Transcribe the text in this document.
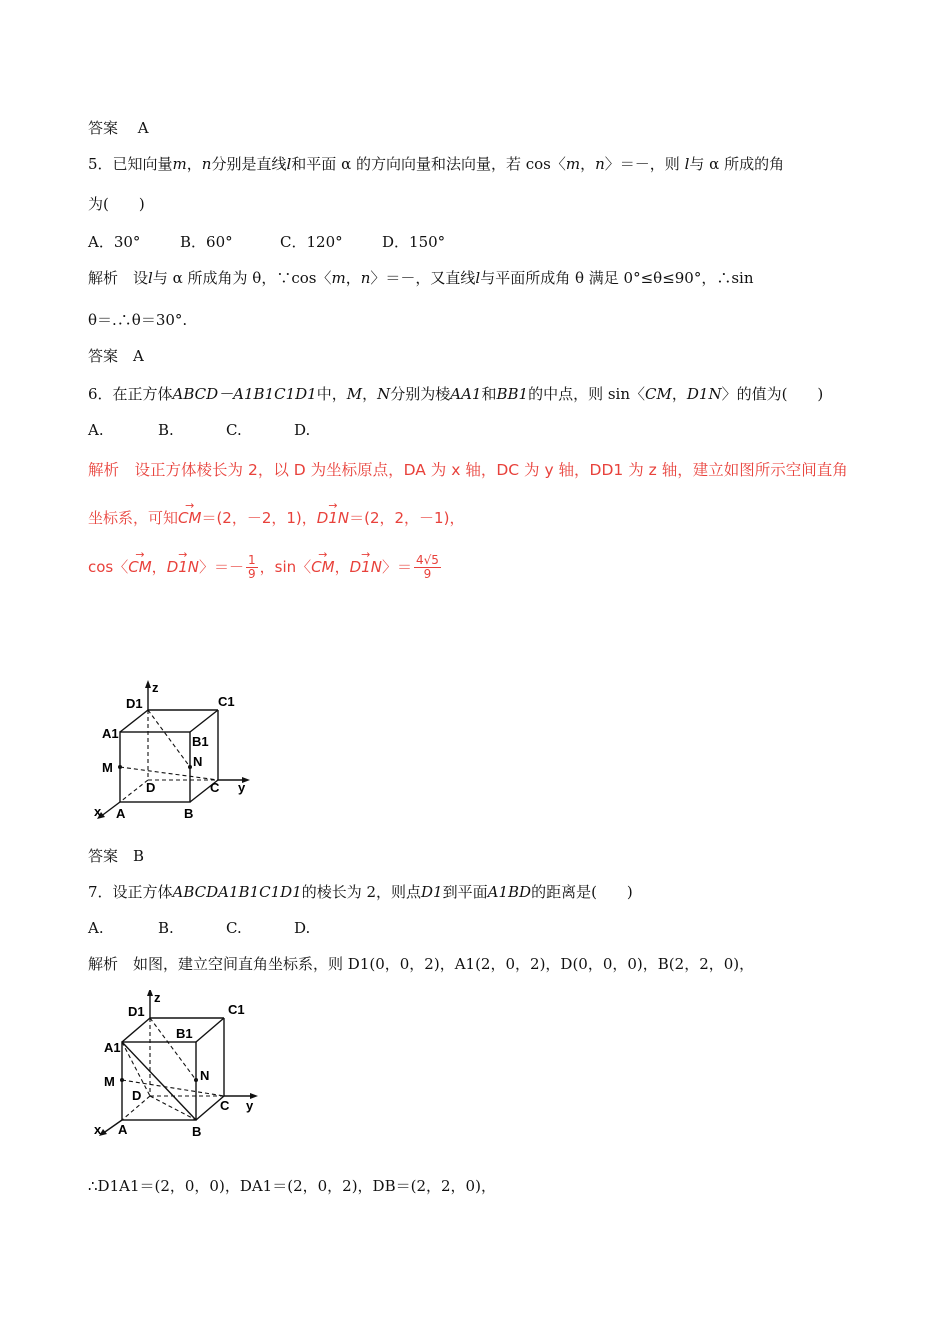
答案　 A
5．已知向量m，n分别是直线l和平面 α 的方向向量和法向量，若 cos〈m，n〉＝－，则 l与 α 所成的角
为(　　)
A．30°	B．60°	C．120°	D．150°
解析　 设l与 α 所成角为 θ，∵cos〈m，n〉＝－，又直线l与平面所成角 θ 满足 0°≤θ≤90°，∴sin
θ＝.∴θ＝30°.
答案　 A
6．在正方体ABCD－A1B1C1D1中，M，N分别为棱AA1和BB1的中点，则 sin〈CM，D1N〉的值为(　　)
A.	B.	C.	D.
解析　 设正方体棱长为 2，以 D 为坐标原点，DA 为 x 轴，DC 为 y 轴，DD1 为 z 轴，建立如图所示空间直角
坐标系，可知→ CM＝(2，－2，1)，→ D1N＝(2，2，－1)，
cos〈→ CM，→ D1N〉＝－ $\frac{1}{9}$ ，sin〈→ CM，→ D1N〉＝ $\frac{4√5}{9}$
D1
z
C1
A1
B1
M	N
D	C y
x A	B
答案　 B
7．设正方体ABCDA1B1C1D1的棱长为 2，则点D1到平面A1BD的距离是(　　)
A.	B.	C.	D.
解析　 如图，建立空间直角坐标系，则 D1(0，0，2)，A1(2，0，2)，D(0，0，0)，B(2，2，0)，
D1
z
C1
B1
A1
M	N
D
C y
x A	B
∴D1A1＝(2，0，0)，DA1＝(2，0，2)，DB＝(2，2，0)，
